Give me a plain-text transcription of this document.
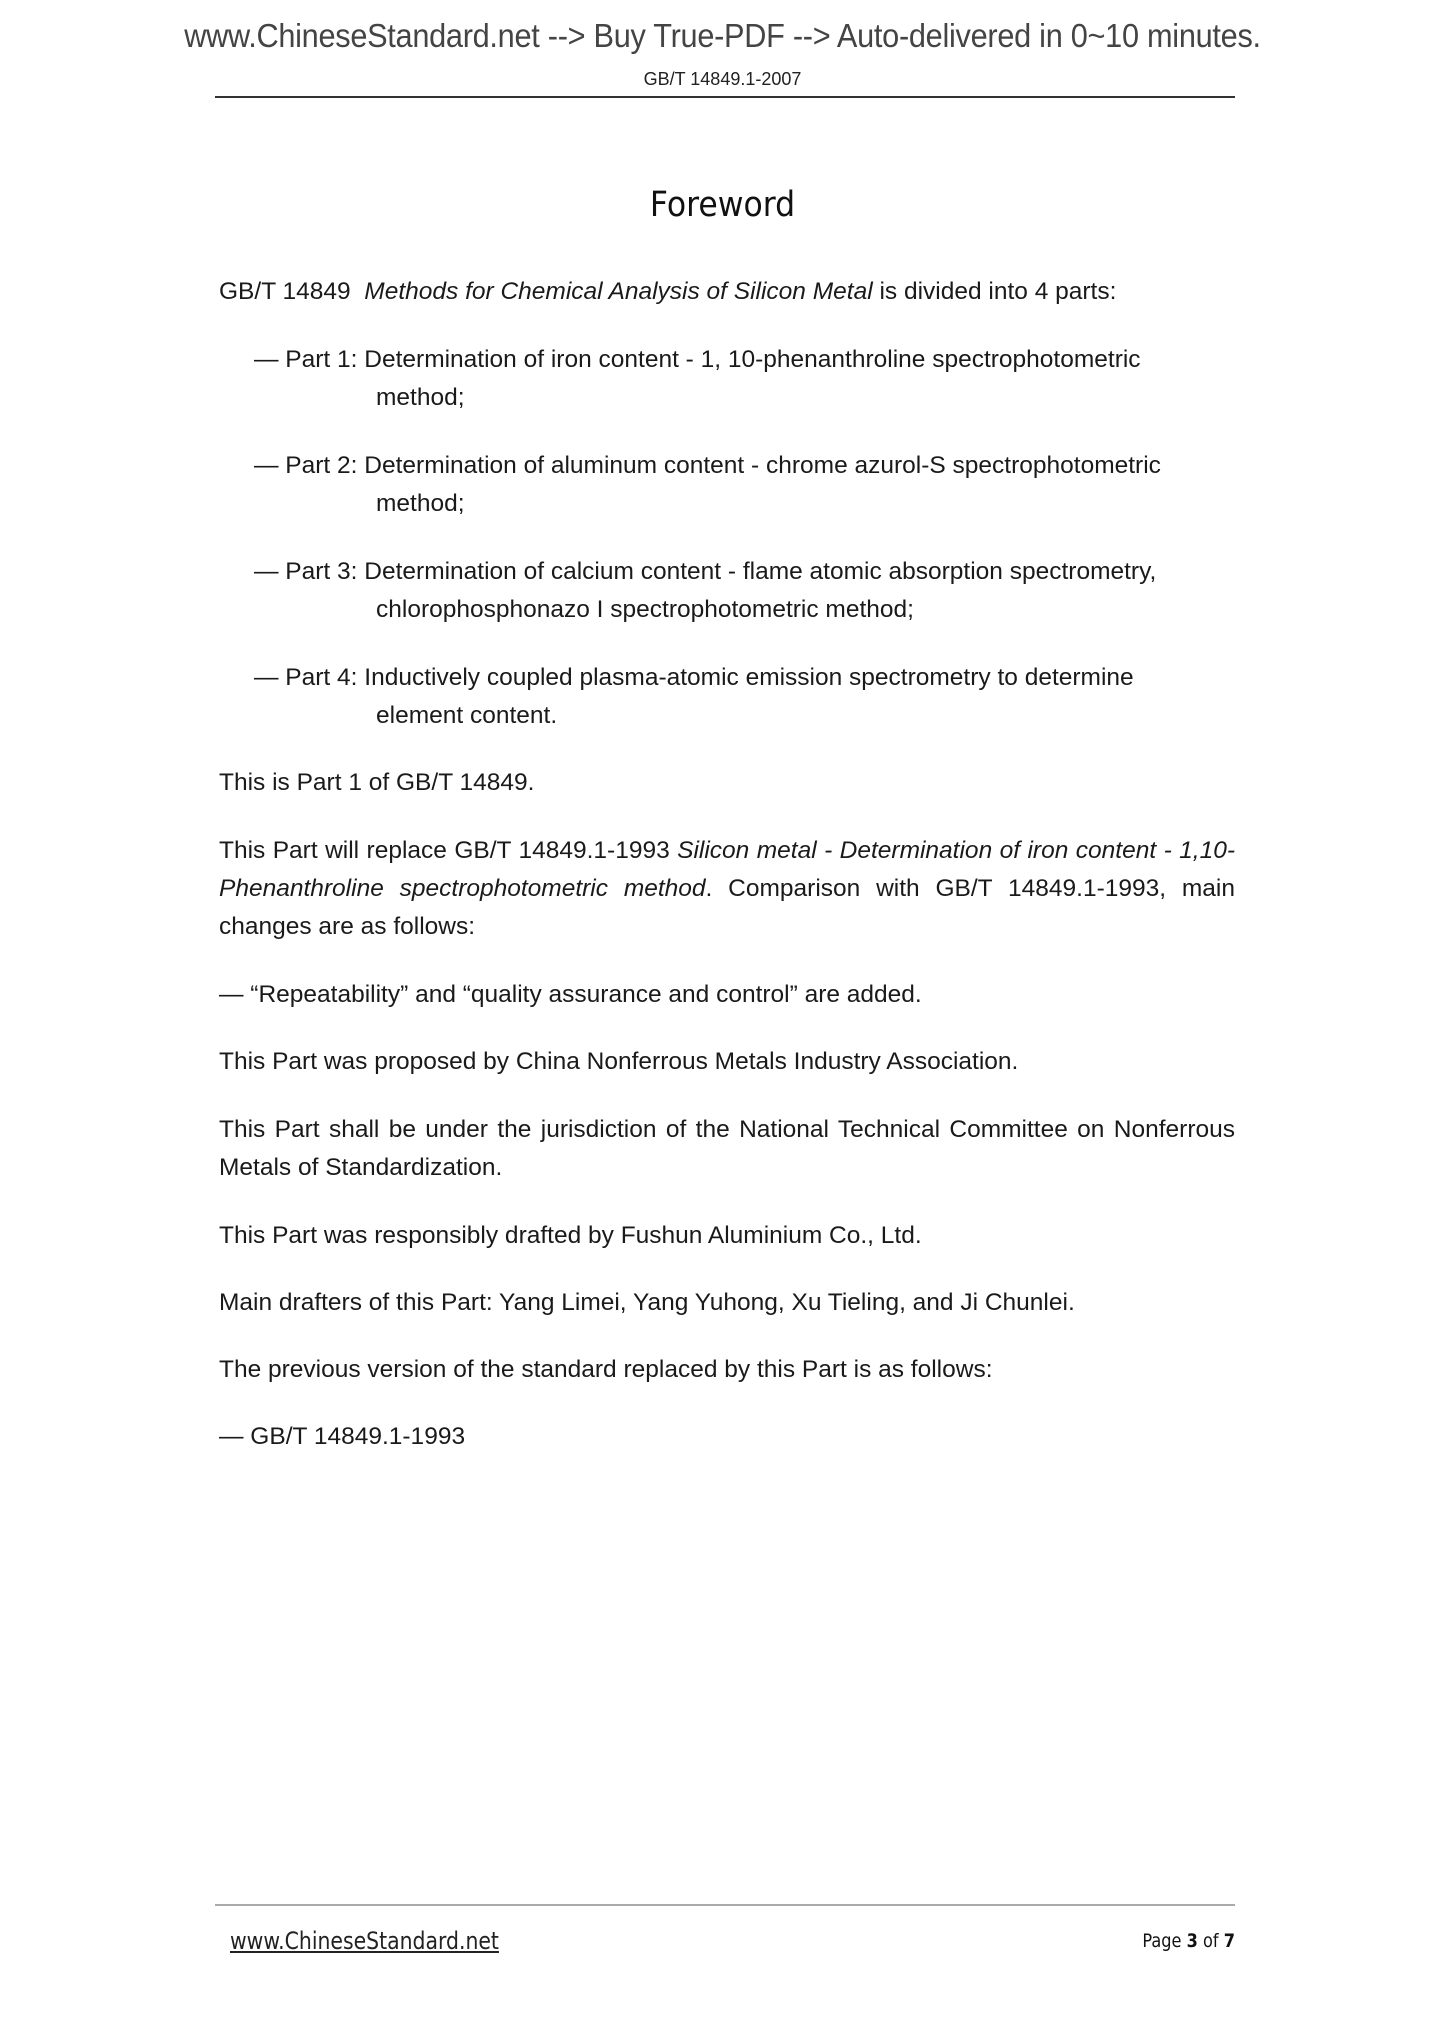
www.ChineseStandard.net --> Buy True-PDF --> Auto-delivered in 0~10 minutes.
GB/T 14849.1-2007
Foreword
GB/T 14849 Methods for Chemical Analysis of Silicon Metal is divided into 4 parts:
— Part 1: Determination of iron content - 1, 10-phenanthroline spectrophotometric
method;
— Part 2: Determination of aluminum content - chrome azurol-S spectrophotometric
method;
— Part 3: Determination of calcium content - flame atomic absorption spectrometry,
chlorophosphonazo I spectrophotometric method;
— Part 4: Inductively coupled plasma-atomic emission spectrometry to determine
element content.
This is Part 1 of GB/T 14849.
This Part will replace GB/T 14849.1-1993 Silicon metal - Determination of iron content - 1,10-Phenanthroline spectrophotometric method. Comparison with GB/T 14849.1-1993, main changes are as follows:
— “Repeatability” and “quality assurance and control” are added.
This Part was proposed by China Nonferrous Metals Industry Association.
This Part shall be under the jurisdiction of the National Technical Committee on Nonferrous Metals of Standardization.
This Part was responsibly drafted by Fushun Aluminium Co., Ltd.
Main drafters of this Part: Yang Limei, Yang Yuhong, Xu Tieling, and Ji Chunlei.
The previous version of the standard replaced by this Part is as follows:
— GB/T 14849.1-1993
www.ChineseStandard.net	Page 3 of 7
